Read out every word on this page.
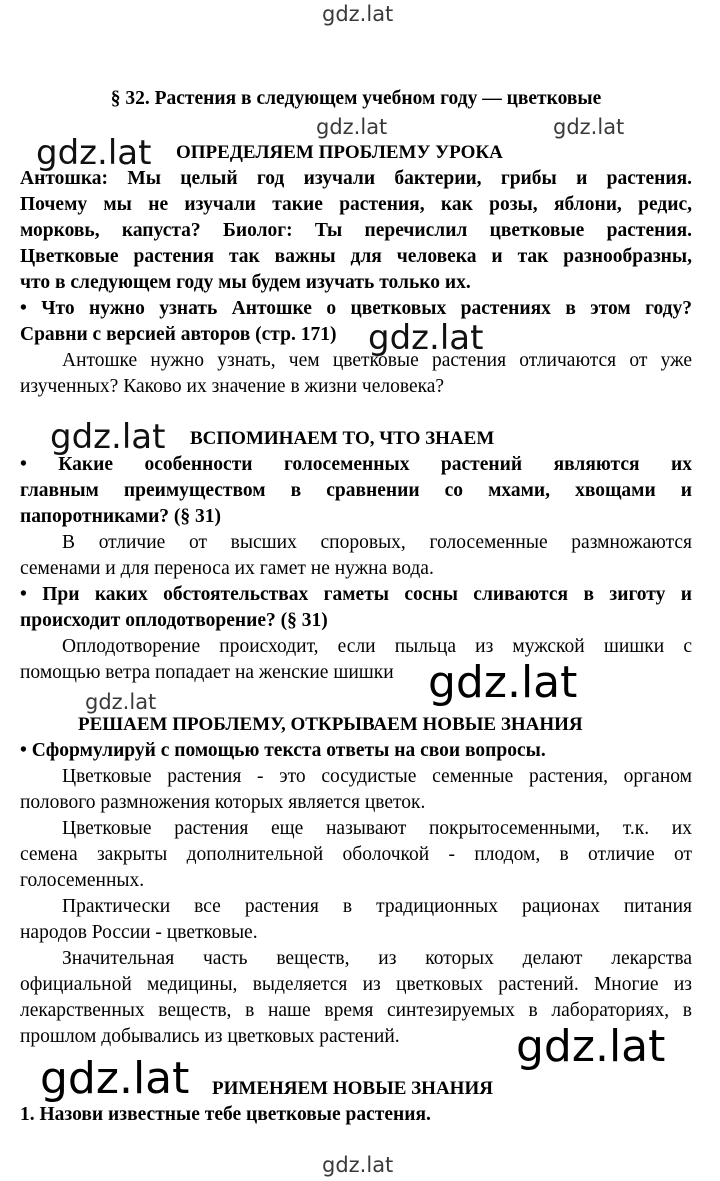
gdz.lat
gdz.lat	gdz.lat
gdz.lat
gdz.lat
gdz.lat
gdz.lat
gdz.lat
gdz.lat
gdz.lat
gdz.lat
§ 32. Растения в следующем учебном году — цветковые
ОПРЕДЕЛЯЕМ ПРОБЛЕМУ УРОКА
Антошка: Мы целый год изучали бактерии, грибы и растения.
Почему мы не изучали такие растения, как розы, яблони, редис,
морковь, капуста? Биолог: Ты перечислил цветковые растения.
Цветковые растения так важны для человека и так разнообразны,
что в следующем году мы будем изучать только их.
• Что нужно узнать Антошке о цветковых растениях в этом году?
Сравни с версией авторов (стр. 171)
Антошке нужно узнать, чем цветковые растения отличаются от уже
изученных? Каково их значение в жизни человека?
ВСПОМИНАЕМ ТО, ЧТО ЗНАЕМ
• Какие особенности голосеменных растений являются их
главным преимуществом в сравнении со мхами, хвощами и
папоротниками? (§ 31)
В отличие от высших споровых, голосеменные размножаются
семенами и для переноса их гамет не нужна вода.
• При каких обстоятельствах гаметы сосны сливаются в зиготу и
происходит оплодотворение? (§ 31)
Оплодотворение происходит, если пыльца из мужской шишки с
помощью ветра попадает на женские шишки
РЕШАЕМ ПРОБЛЕМУ, ОТКРЫВАЕМ НОВЫЕ ЗНАНИЯ
• Сформулируй с помощью текста ответы на свои вопросы.
Цветковые растения - это сосудистые семенные растения, органом
полового размножения которых является цветок.
Цветковые растения еще называют покрытосеменными, т.к. их
семена закрыты дополнительной оболочкой - плодом, в отличие от
голосеменных.
Практически все растения в традиционных рационах питания
народов России - цветковые.
Значительная часть веществ, из которых делают лекарства
официальной медицины, выделяется из цветковых растений. Многие из
лекарственных веществ, в наше время синтезируемых в лабораториях, в
прошлом добывались из цветковых растений.
РИМЕНЯЕМ НОВЫЕ ЗНАНИЯ
1. Назови известные тебе цветковые растения.
